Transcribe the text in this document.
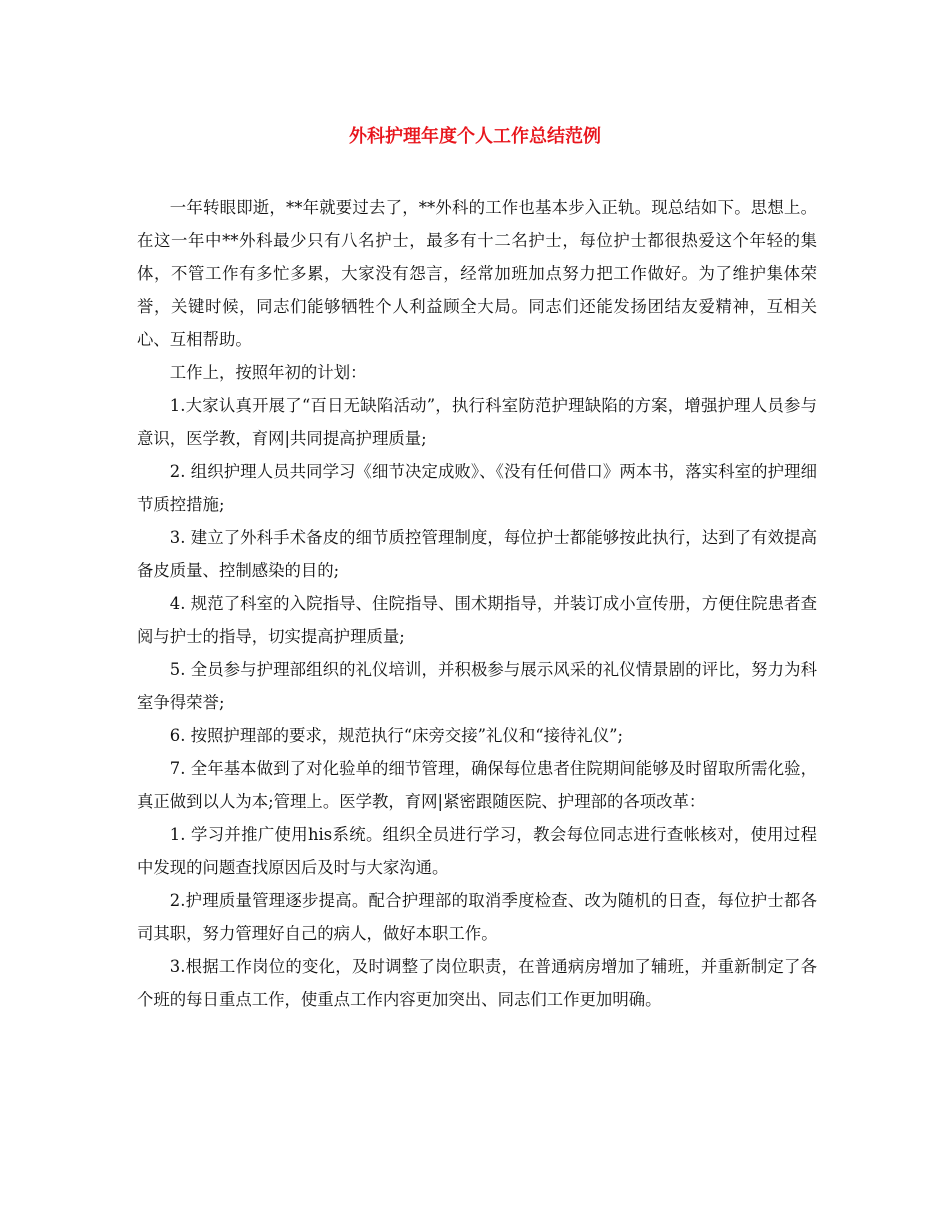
外科护理年度个人工作总结范例

一年转眼即逝，**年就要过去了，**外科的工作也基本步入正轨。现总结如下。思想上。在这一年中**外科最少只有八名护士，最多有十二名护士，每位护士都很热爱这个年轻的集体，不管工作有多忙多累，大家没有怨言，经常加班加点努力把工作做好。为了维护集体荣誉，关键时候，同志们能够牺牲个人利益顾全大局。同志们还能发扬团结友爱精神，互相关心、互相帮助。

工作上，按照年初的计划：

1.大家认真开展了“百日无缺陷活动”，执行科室防范护理缺陷的方案，增强护理人员参与意识，医学教，育网|共同提高护理质量;

2. 组织护理人员共同学习《细节决定成败》、《没有任何借口》两本书，落实科室的护理细节质控措施;

3. 建立了外科手术备皮的细节质控管理制度，每位护士都能够按此执行，达到了有效提高备皮质量、控制感染的目的;

4. 规范了科室的入院指导、住院指导、围术期指导，并装订成小宣传册，方便住院患者查阅与护士的指导，切实提高护理质量;

5. 全员参与护理部组织的礼仪培训，并积极参与展示风采的礼仪情景剧的评比，努力为科室争得荣誉;

6. 按照护理部的要求，规范执行“床旁交接”礼仪和“接待礼仪”;

7. 全年基本做到了对化验单的细节管理，确保每位患者住院期间能够及时留取所需化验，真正做到以人为本;管理上。医学教，育网|紧密跟随医院、护理部的各项改革：

1. 学习并推广使用his系统。组织全员进行学习，教会每位同志进行查帐核对，使用过程中发现的问题查找原因后及时与大家沟通。

2.护理质量管理逐步提高。配合护理部的取消季度检查、改为随机的日查，每位护士都各司其职，努力管理好自己的病人，做好本职工作。

3.根据工作岗位的变化，及时调整了岗位职责，在普通病房增加了辅班，并重新制定了各个班的每日重点工作，使重点工作内容更加突出、同志们工作更加明确。
